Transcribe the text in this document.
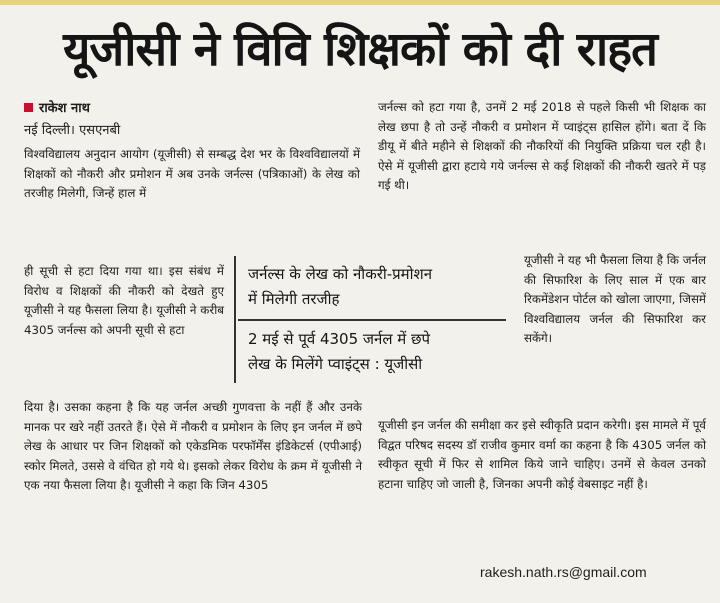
यूजीसी ने विवि शिक्षकों को दी राहत
राकेश नाथ
नई दिल्ली। एसएनबी

विश्वविद्यालय अनुदान आयोग (यूजीसी) से सम्बद्ध देश भर के विश्वविद्यालयों में शिक्षकों को नौकरी और प्रमोशन में अब उनके जर्नल्स (पत्रिकाओं) के लेख को तरजीह मिलेगी, जिन्हें हाल में

ही सूची से हटा दिया गया था। इस संबंध में विरोध व शिक्षकों की नौकरी को देखते हुए यूजीसी ने यह फैसला लिया है। यूजीसी ने करीब 4305 जर्नल्स को अपनी सूची से हटा

दिया है। उसका कहना है कि यह जर्नल अच्छी गुणवत्ता के नहीं हैं और उनके मानक पर खरे नहीं उतरते हैं। ऐसे में नौकरी व प्रमोशन के लिए इन जर्नल में छपे लेख के आधार पर जिन शिक्षकों को एकेडमिक परफॉर्मेंस इंडिकेटर्स (एपीआई) स्कोर मिलते, उससे वे वंचित हो गये थे। इसको लेकर विरोध के क्रम में यूजीसी ने एक नया फैसला लिया है। यूजीसी ने कहा कि जिन 4305

जर्नल्स को हटा गया है, उनमें 2 मई 2018 से पहले किसी भी शिक्षक का लेख छपा है तो उन्हें नौकरी व प्रमोशन में प्वाइंट्स हासिल होंगे। बता दें कि डीयू में बीते महीने से शिक्षकों की नौकरियों की नियुक्ति प्रक्रिया चल रही है। ऐसे में यूजीसी द्वारा हटाये गये जर्नल्स से कई शिक्षकों की नौकरी खतरे में पड़ गई थी।

यूजीसी ने यह भी फैसला लिया है कि जर्नल की सिफारिश के लिए साल में एक बार रिकमेंडेशन पोर्टल को खोला जाएगा, जिसमें विश्वविद्यालय जर्नल की सिफारिश कर सकेंगे।

यूजीसी इन जर्नल की समीक्षा कर इसे स्वीकृति प्रदान करेगी। इस मामले में पूर्व विद्वत परिषद सदस्य डॉ राजीव कुमार वर्मा का कहना है कि 4305 जर्नल को स्वीकृत सूची में फिर से शामिल किये जाने चाहिए। उनमें से केवल उनको हटाना चाहिए जो जाली है, जिनका अपनी कोई वेबसाइट नहीं है।

जर्नल्स के लेख को नौकरी-प्रमोशन

में मिलेगी तरजीह

2 मई से पूर्व 4305 जर्नल में छपे

लेख के मिलेंगे प्वाइंट्स : यूजीसी

rakesh.nath.rs@gmail.com
